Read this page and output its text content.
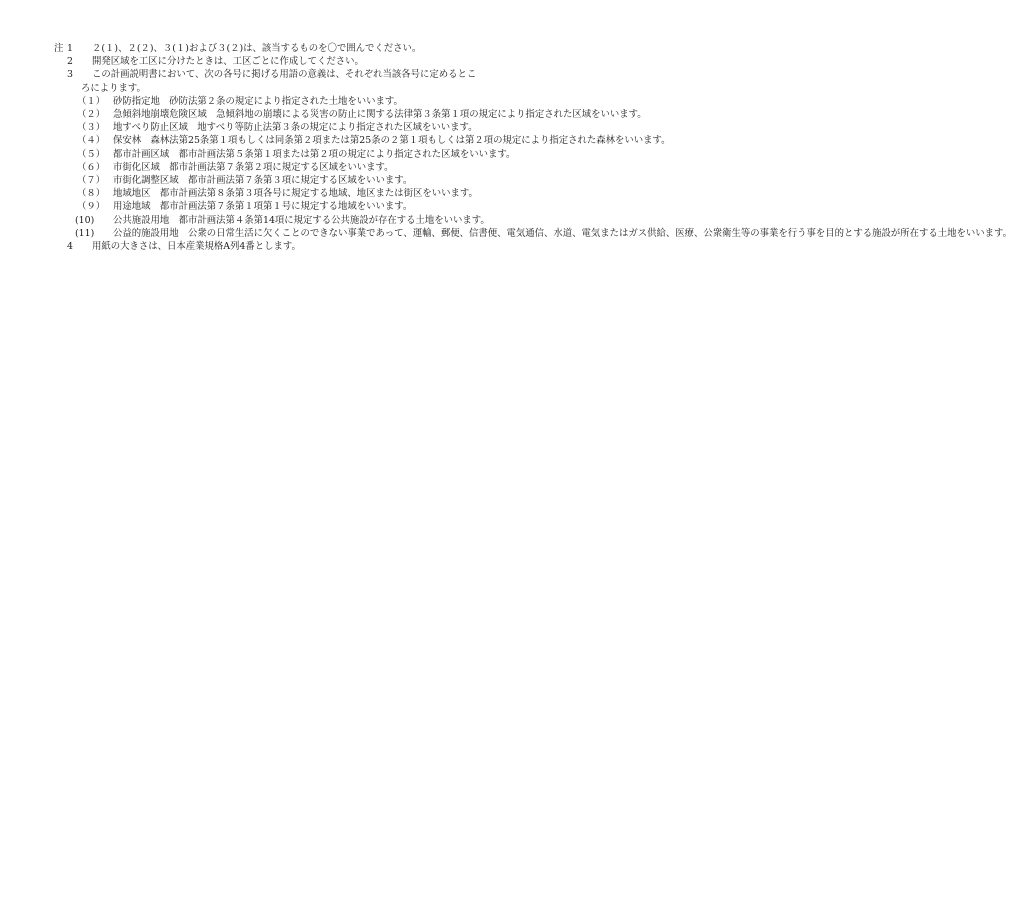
注 1 ２(１)、２(２)、３(１)および３(２)は、該当するものを〇で囲んでください。
2 開発区域を工区に分けたときは、工区ごとに作成してください。
3 この計画説明書において、次の各号に掲げる用語の意義は、それぞれ当該各号に定めるとこ
ろによります。
（１） 砂防指定地　砂防法第２条の規定により指定された土地をいいます。
（２） 急傾斜地崩壊危険区域　急傾斜地の崩壊による災害の防止に関する法律第３条第１項の規定により指定された区域をいいます。
（３） 地すべり防止区域　地すべり等防止法第３条の規定により指定された区域をいいます。
（４） 保安林　森林法第25条第１項もしくは同条第２項または第25条の２第１項もしくは第２項の規定により指定された森林をいいます。
（５） 都市計画区域　都市計画法第５条第１項または第２項の規定により指定された区域をいいます。
（６） 市街化区域　都市計画法第７条第２項に規定する区域をいいます。
（７） 市街化調整区域　都市計画法第７条第３項に規定する区域をいいます。
（８） 地域地区　都市計画法第８条第３項各号に規定する地域、地区または街区をいいます。
（９） 用途地域　都市計画法第７条第１項第１号に規定する地域をいいます。
(10)	公共施設用地　都市計画法第４条第14項に規定する公共施設が存在する土地をいいます。
(11)	公益的施設用地　公衆の日常生活に欠くことのできない事業であって、運輸、郵便、信書便、電気通信、水道、電気またはガス供給、医療、公衆衛生等の事業を行う事を目的とする施設が所在する土地をいいます。
4 用紙の大きさは、日本産業規格A列4番とします。
